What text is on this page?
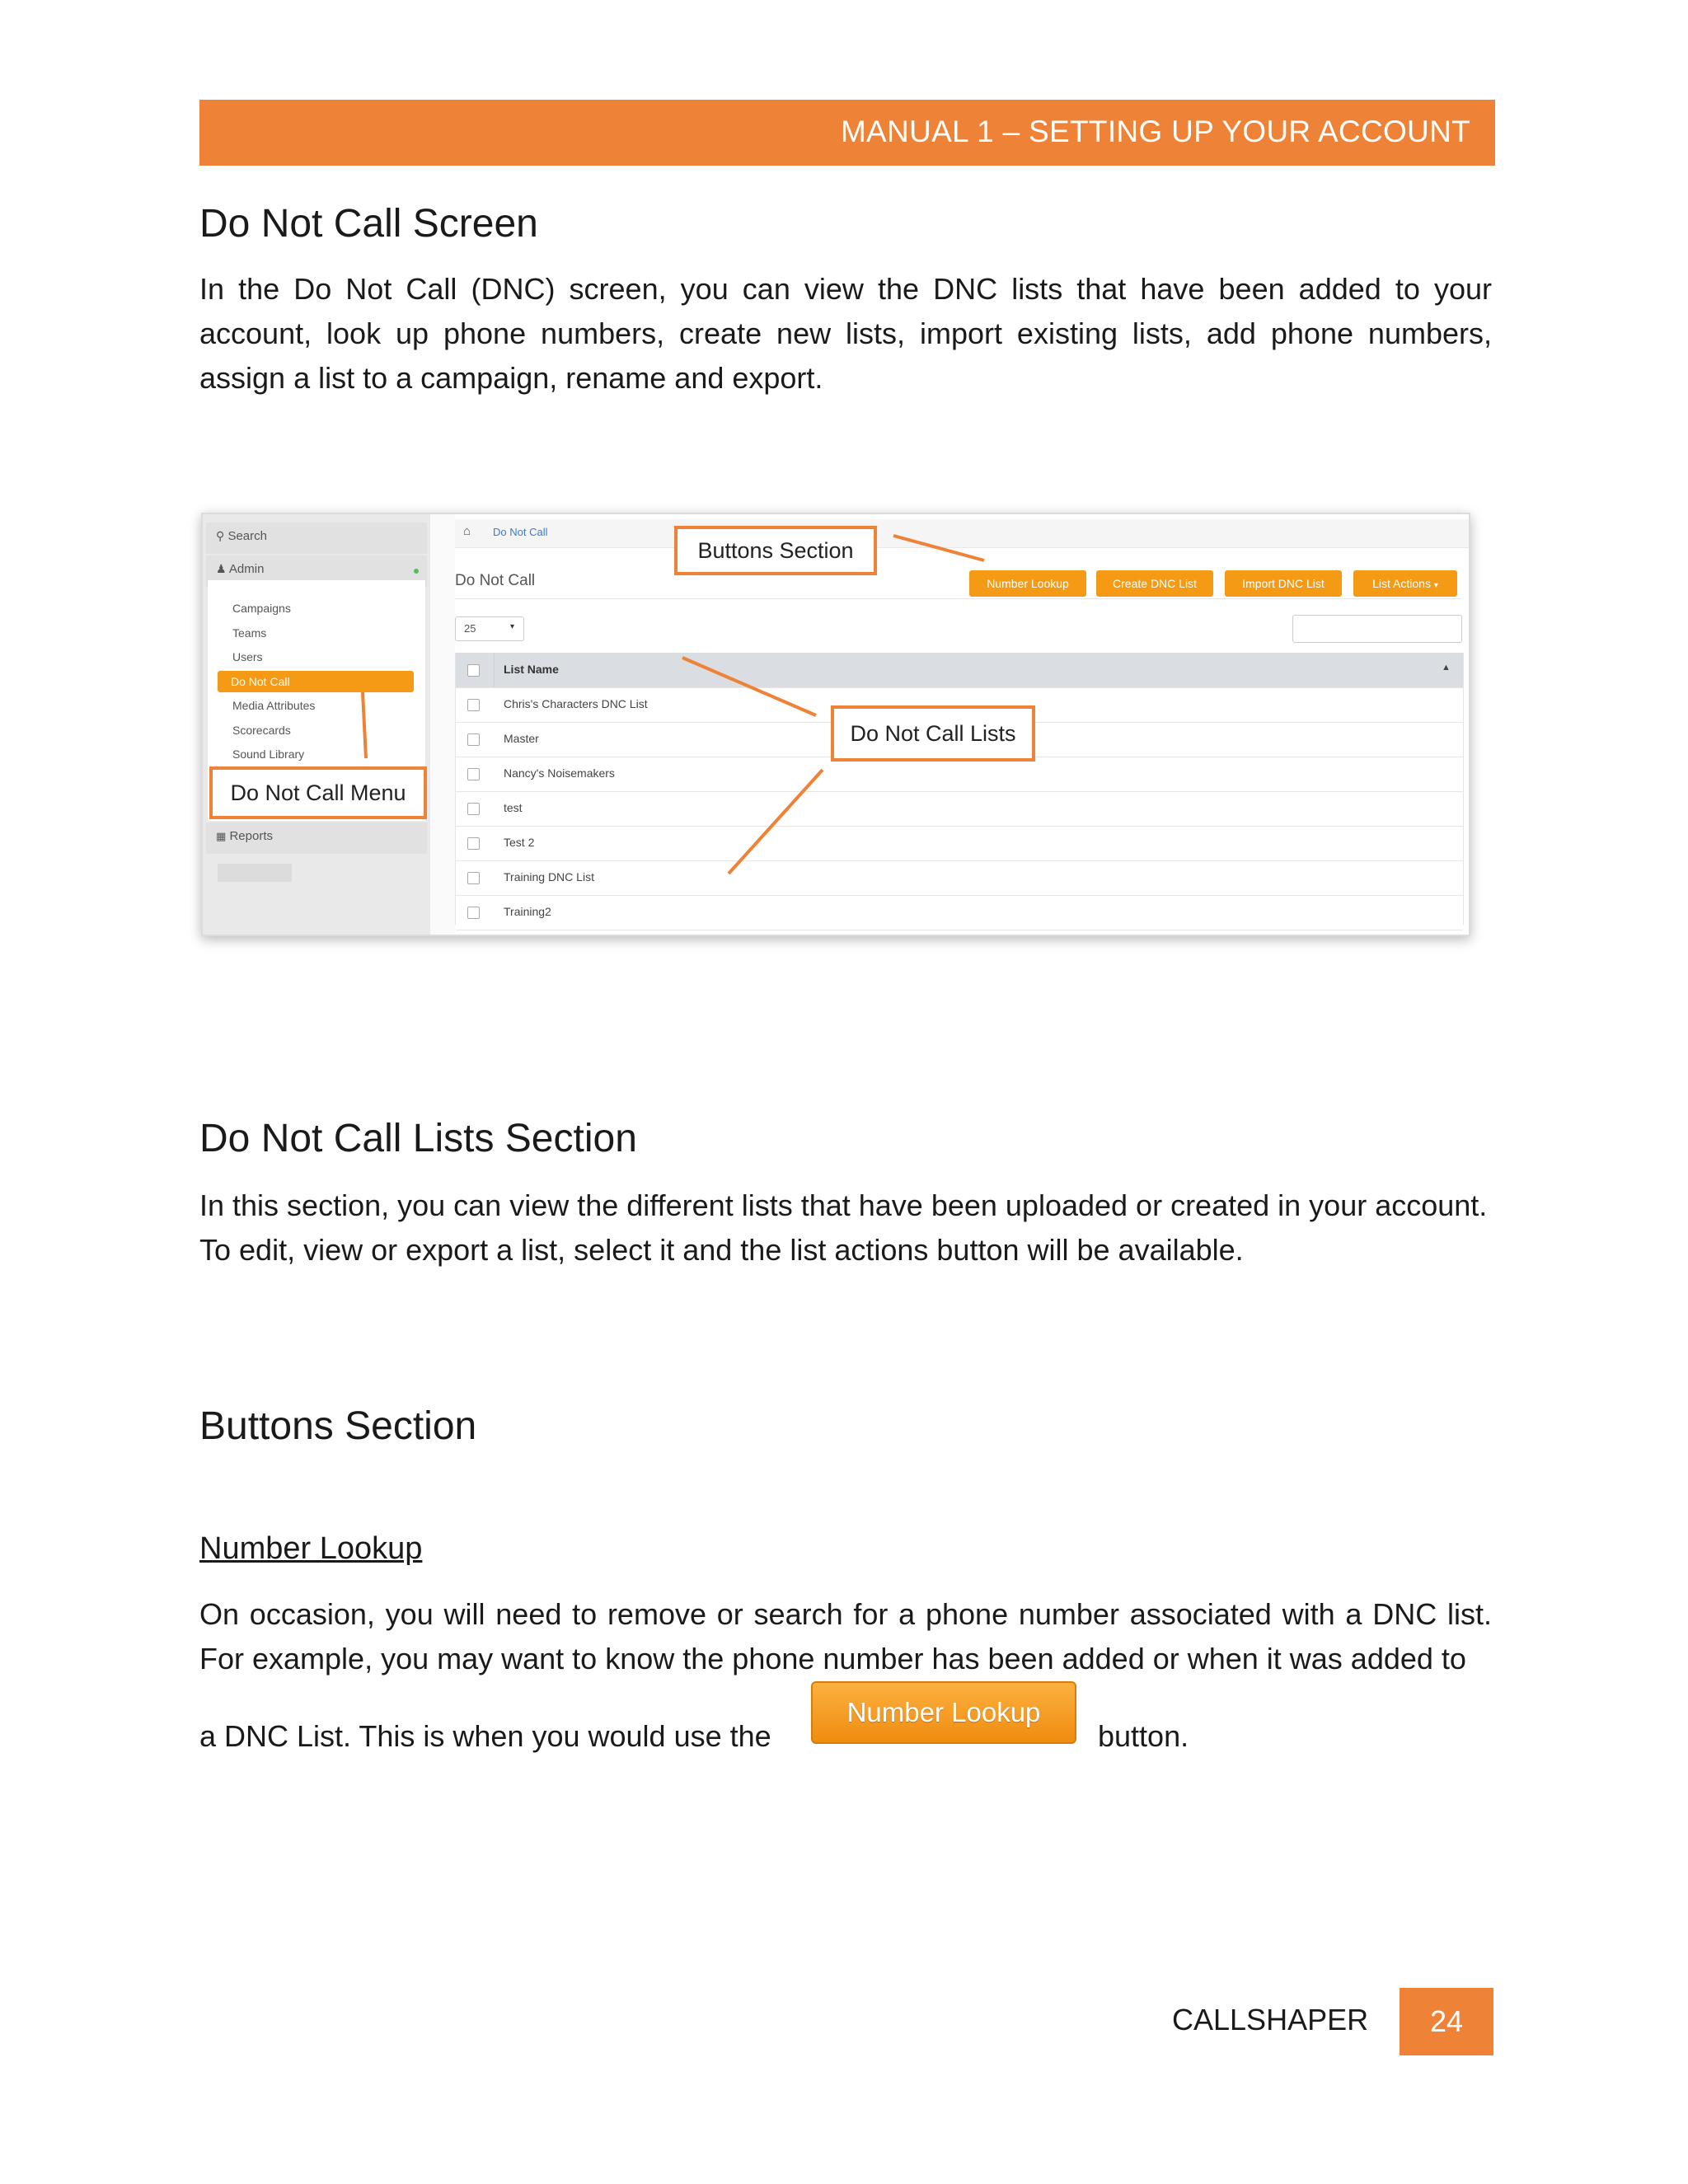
MANUAL 1 – SETTING UP YOUR ACCOUNT
Do Not Call Screen
In the Do Not Call (DNC) screen, you can view the DNC lists that have been added to your account, look up phone numbers, create new lists, import existing lists, add phone numbers, assign a list to a campaign, rename and export.
⚲ Search
♟ Admin
Campaigns
Teams
Users
Do Not Call
Media Attributes
Scorecards
Sound Library
▦ Reports
⌂ Do Not Call
Do Not Call	Number Lookup	Create DNC List	Import DNC List	List Actions ▾
25	▾
List Name	▲
Chris's Characters DNC List
Master
Nancy's Noisemakers
test
Test 2
Training DNC List
Training2
Buttons Section
Do Not Call Lists
Do Not Call Menu
Do Not Call Lists Section
In this section, you can view the different lists that have been uploaded or created in your account. To edit, view or export a list, select it and the list actions button will be available.
Buttons Section
Number Lookup
On occasion, you will need to remove or search for a phone number associated with a DNC list. For example, you may want to know the phone number has been added or when it was added to
a DNC List. This is when you would use the
Number Lookup
button.
CALLSHAPER	24
